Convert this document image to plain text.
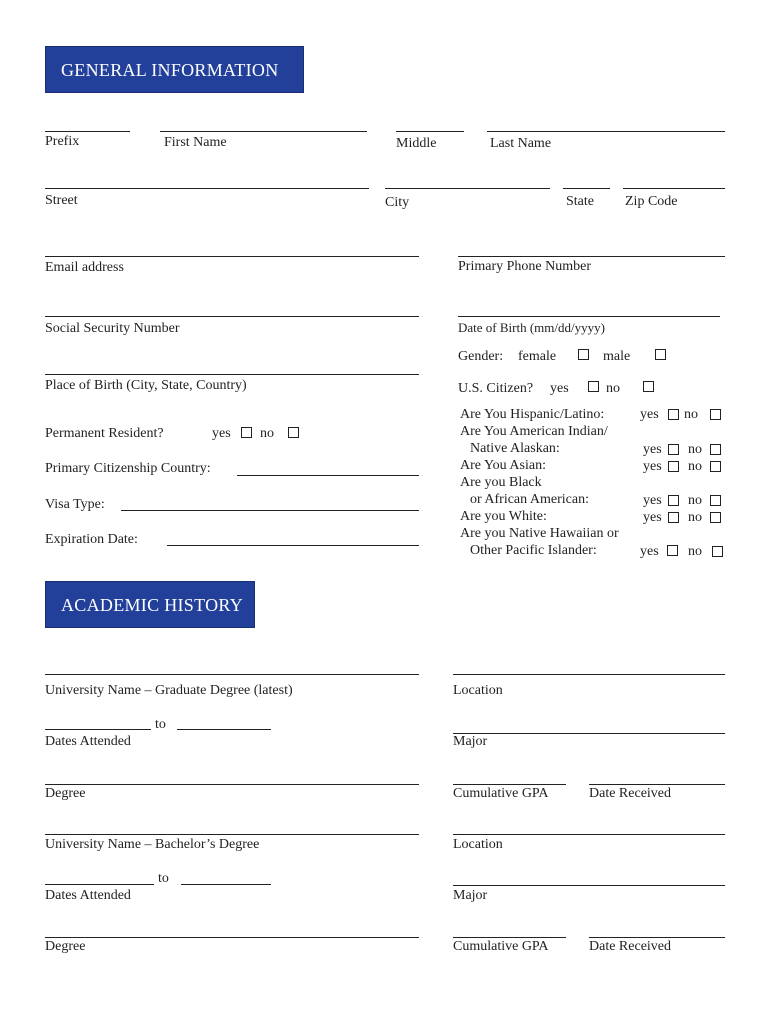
GENERAL INFORMATION
Prefix	First Name	Middle	Last Name
Street	City	State Zip Code
Email address	Primary Phone Number
Social Security Number	Date of Birth (mm/dd/yyyy)
Gender: female	male
Place of Birth (City, State, Country)	U.S. Citizen? yes	no
Permanent Resident?	yes no
Primary Citizenship Country:
Visa Type:
Expiration Date:
Are You Hispanic/Latino:	yes no
Are You American Indian/
Native Alaskan:	yes no
Are You Asian:	yes no
Are you Black
or African American:	yes no
Are you White:	yes no
Are you Native Hawaiian or
Other Pacific Islander:	yes no
ACADEMIC HISTORY
University Name – Graduate Degree (latest)	Location
to
Dates Attended	Major
Degree	Cumulative GPA	Date Received
University Name – Bachelor’s Degree	Location
to
Dates Attended	Major
Degree	Cumulative GPA	Date Received
